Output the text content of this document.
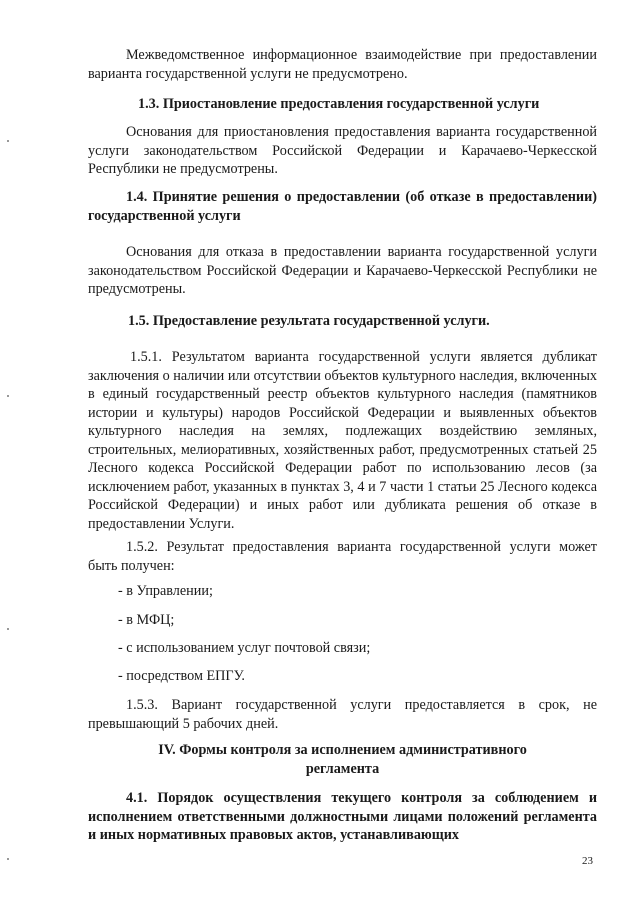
Межведомственное информационное взаимодействие при предоставлении варианта государственной услуги не предусмотрено.

1.3. Приостановление предоставления государственной услуги

Основания для приостановления предоставления варианта государственной услуги законодательством Российской Федерации и Карачаево-Черкесской Республики не предусмотрены.

1.4. Принятие решения о предоставлении (об отказе в предоставлении) государственной услуги

Основания для отказа в предоставлении варианта государственной услуги законодательством Российской Федерации и Карачаево-Черкесской Республики не предусмотрены.

1.5. Предоставление результата государственной услуги.

1.5.1. Результатом варианта государственной услуги является дубликат заключения о наличии или отсутствии объектов культурного наследия, включенных в единый государственный реестр объектов культурного наследия (памятников истории и культуры) народов Российской Федерации и выявленных объектов культурного наследия на землях, подлежащих воздействию земляных, строительных, мелиоративных, хозяйственных работ, предусмотренных статьей 25 Лесного кодекса Российской Федерации работ по использованию лесов (за исключением работ, указанных в пунктах 3, 4 и 7 части 1 статьи 25 Лесного кодекса Российской Федерации) и иных работ или дубликата решения об отказе в предоставлении Услуги.

1.5.2. Результат предоставления варианта государственной услуги может быть получен:

- в Управлении;

- в МФЦ;

- с использованием услуг почтовой связи;

- посредством ЕПГУ.

1.5.3. Вариант государственной услуги предоставляется в срок, не превышающий 5 рабочих дней.

IV. Формы контроля за исполнением административного

регламента

4.1. Порядок осуществления текущего контроля за соблюдением и исполнением ответственными должностными лицами положений регламента и иных нормативных правовых актов, устанавливающих

23
